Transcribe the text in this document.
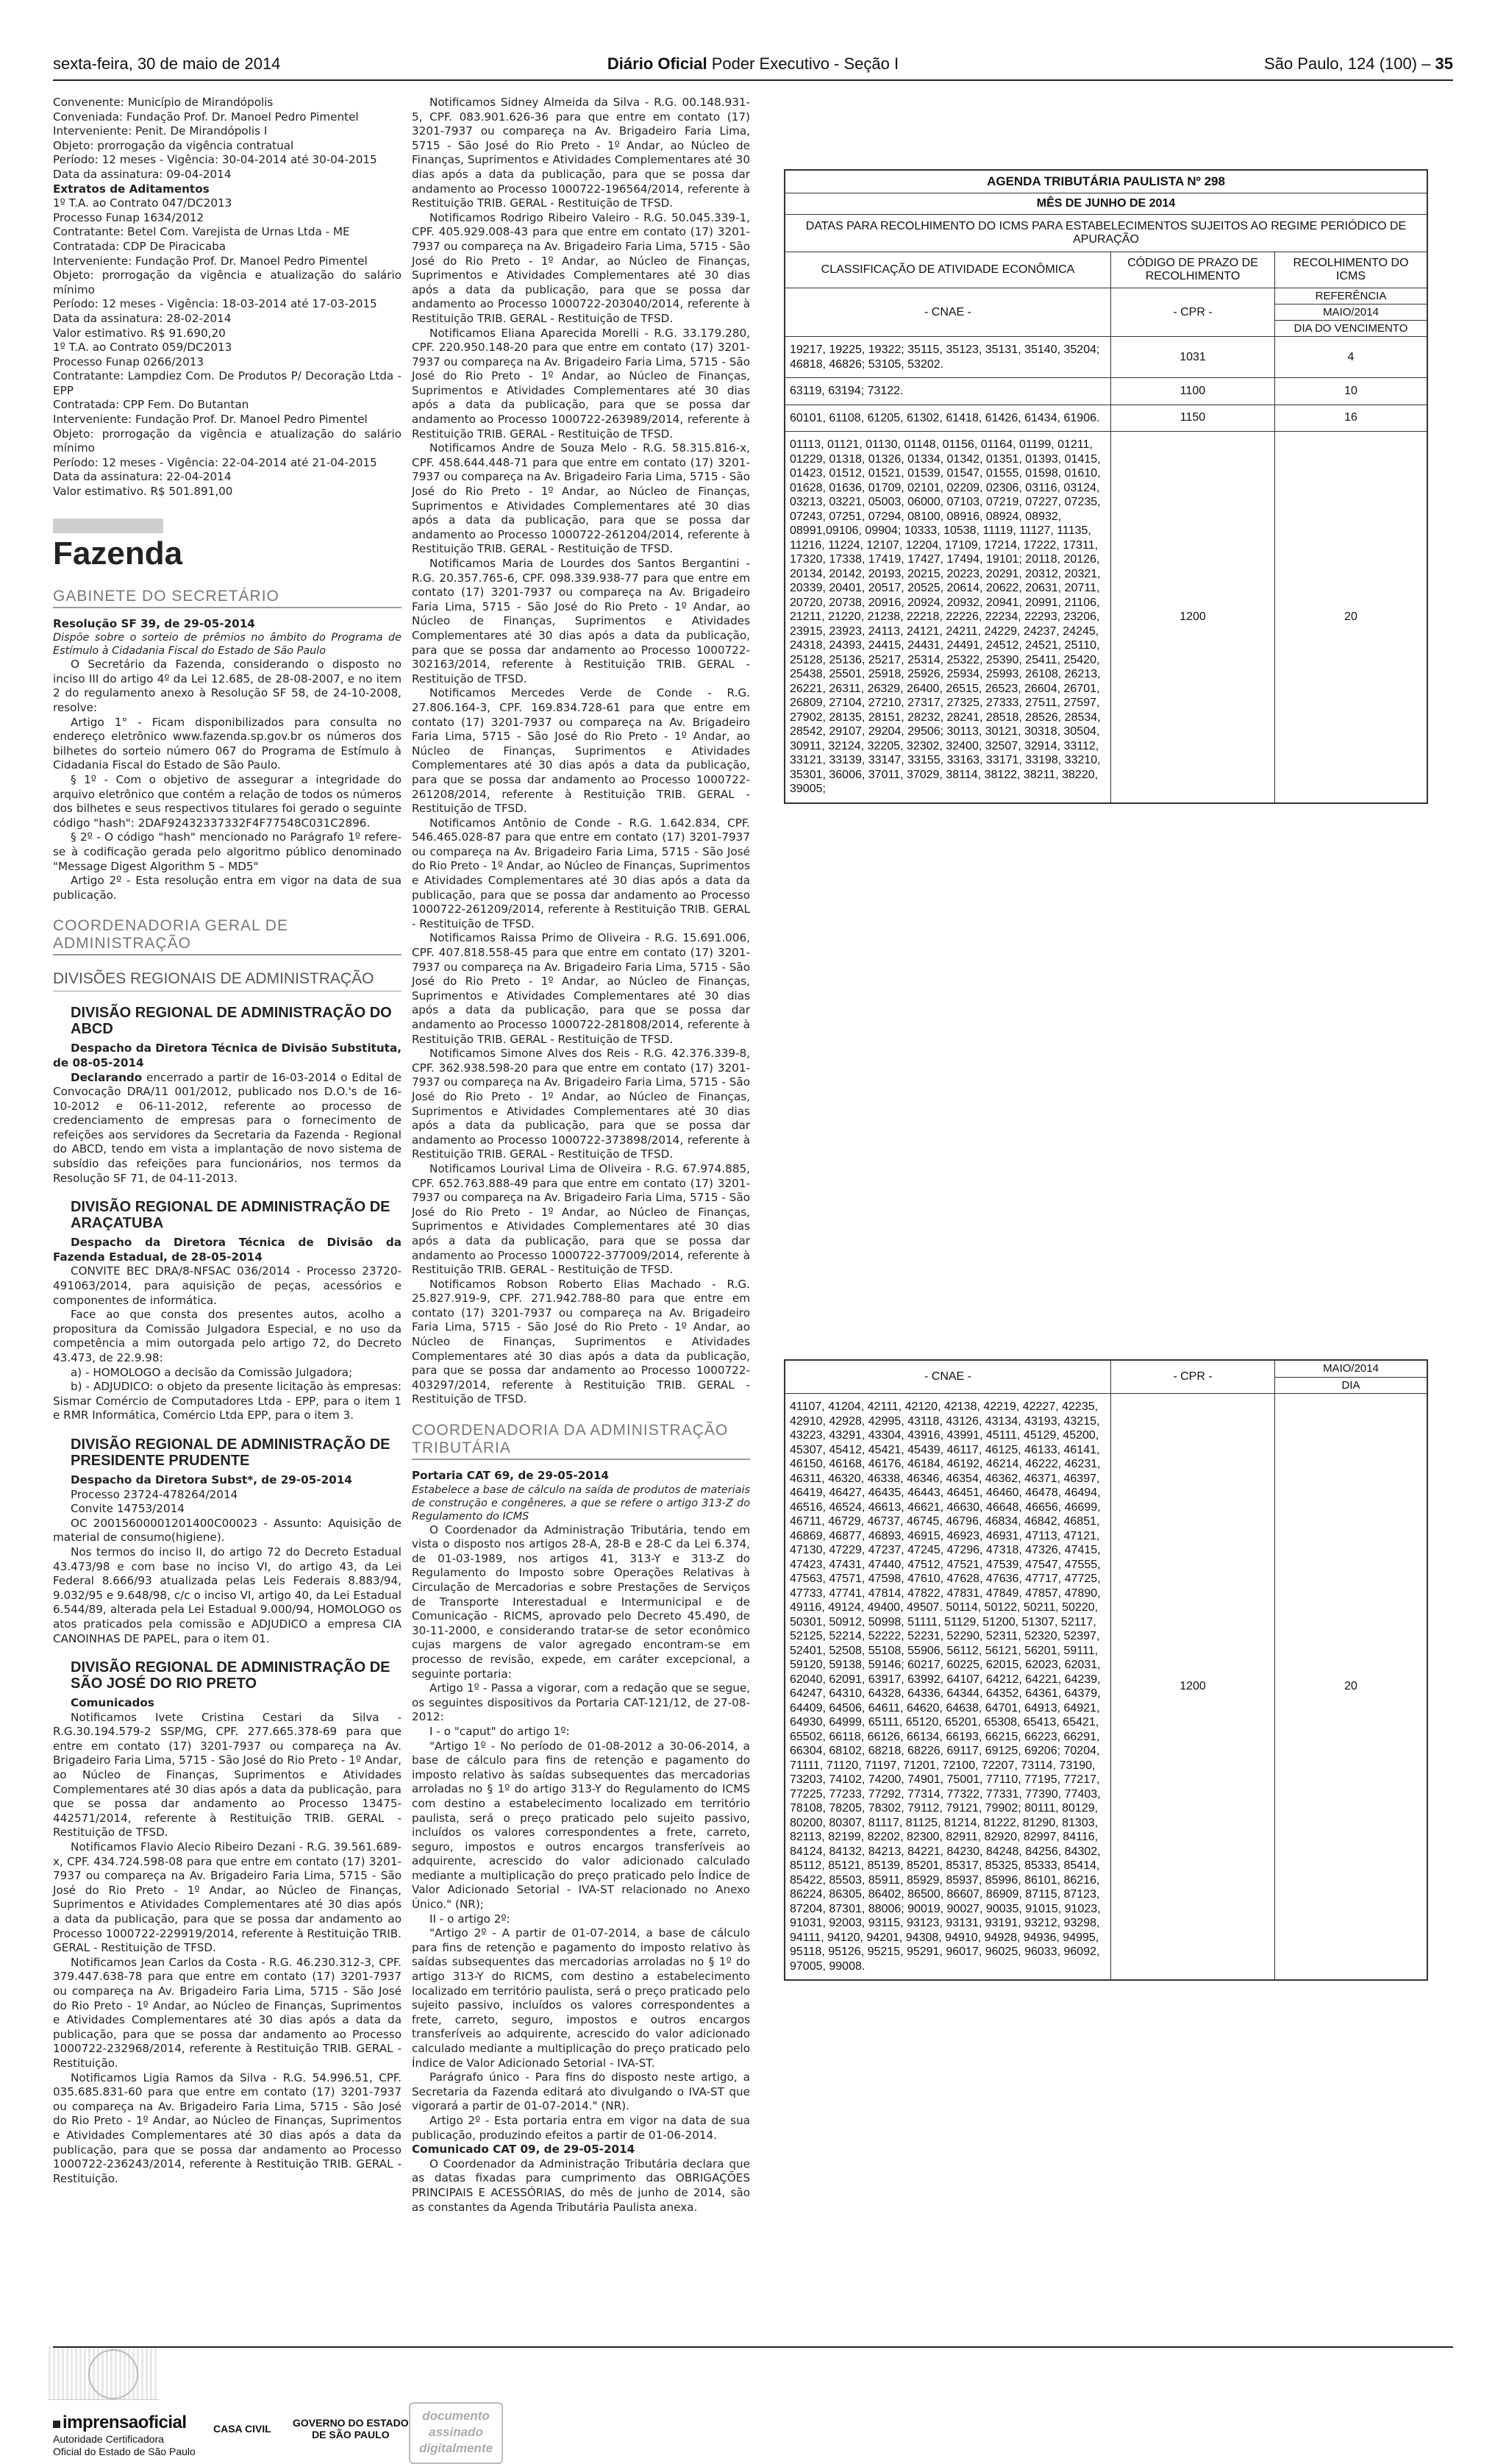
sexta-feira, 30 de maio de 2014	Diário Oficial Poder Executivo - Seção I	São Paulo, 124 (100) – 35

Convenente: Município de Mirandópolis

Conveniada: Fundação Prof. Dr. Manoel Pedro Pimentel

Interveniente: Penit. De Mirandópolis I

Objeto: prorrogação da vigência contratual

Período: 12 meses - Vigência: 30-04-2014 até 30-04-2015

Data da assinatura: 09-04-2014

Extratos de Aditamentos

1º T.A. ao Contrato 047/DC2013

Processo Funap 1634/2012

Contratante: Betel Com. Varejista de Urnas Ltda - ME

Contratada: CDP De Piracicaba

Interveniente: Fundação Prof. Dr. Manoel Pedro Pimentel

Objeto: prorrogação da vigência e atualização do salário mínimo

Período: 12 meses - Vigência: 18-03-2014 até 17-03-2015

Data da assinatura: 28-02-2014

Valor estimativo. R$ 91.690,20

1º T.A. ao Contrato 059/DC2013

Processo Funap 0266/2013

Contratante: Lampdiez Com. De Produtos P/ Decoração Ltda - EPP

Contratada: CPP Fem. Do Butantan

Interveniente: Fundação Prof. Dr. Manoel Pedro Pimentel

Objeto: prorrogação da vigência e atualização do salário mínimo

Período: 12 meses - Vigência: 22-04-2014 até 21-04-2015

Data da assinatura: 22-04-2014

Valor estimativo. R$ 501.891,00

Fazenda
GABINETE DO SECRETÁRIO

Resolução SF 39, de 29-05-2014

Dispõe sobre o sorteio de prêmios no âmbito do Programa de Estímulo à Cidadania Fiscal do Estado de São Paulo

O Secretário da Fazenda, considerando o disposto no inciso III do artigo 4º da Lei 12.685, de 28-08-2007, e no item 2 do regulamento anexo à Resolução SF 58, de 24-10-2008, resolve:

Artigo 1° - Ficam disponibilizados para consulta no endereço eletrônico www.fazenda.sp.gov.br os números dos bilhetes do sorteio número 067 do Programa de Estímulo à Cidadania Fiscal do Estado de São Paulo.

§ 1º - Com o objetivo de assegurar a integridade do arquivo eletrônico que contém a relação de todos os números dos bilhetes e seus respectivos titulares foi gerado o seguinte código "hash": 2DAF92432337332F4F77548C031C2896.

§ 2º - O código "hash" mencionado no Parágrafo 1º refere-se à codificação gerada pelo algoritmo público denominado "Message Digest Algorithm 5 – MD5"

Artigo 2º - Esta resolução entra em vigor na data de sua publicação.

COORDENADORIA GERAL DE ADMINISTRAÇÃO
DIVISÕES REGIONAIS DE ADMINISTRAÇÃO
DIVISÃO REGIONAL DE ADMINISTRAÇÃO DO ABCD

Despacho da Diretora Técnica de Divisão Substituta, de 08-05-2014

Declarando encerrado a partir de 16-03-2014 o Edital de Convocação DRA/11 001/2012, publicado nos D.O.'s de 16-10-2012 e 06-11-2012, referente ao processo de credenciamento de empresas para o fornecimento de refeições aos servidores da Secretaria da Fazenda - Regional do ABCD, tendo em vista a implantação de novo sistema de subsídio das refeições para funcionários, nos termos da Resolução SF 71, de 04-11-2013.

DIVISÃO REGIONAL DE ADMINISTRAÇÃO DE ARAÇATUBA

Despacho da Diretora Técnica de Divisão da Fazenda Estadual, de 28-05-2014

CONVITE BEC DRA/8-NFSAC 036/2014 - Processo 23720-491063/2014, para aquisição de peças, acessórios e componentes de informática.

Face ao que consta dos presentes autos, acolho a propositura da Comissão Julgadora Especial, e no uso da competência a mim outorgada pelo artigo 72, do Decreto 43.473, de 22.9.98:

a) - HOMOLOGO a decisão da Comissão Julgadora;

b) - ADJUDICO: o objeto da presente licitação às empresas: Sismar Comércio de Computadores Ltda - EPP, para o item 1 e RMR Informática, Comércio Ltda EPP, para o item 3.

DIVISÃO REGIONAL DE ADMINISTRAÇÃO DE PRESIDENTE PRUDENTE

Despacho da Diretora Subst*, de 29-05-2014

Processo 23724-478264/2014

Convite 14753/2014

OC 20015600001201400C00023 - Assunto: Aquisição de material de consumo(higiene).

Nos termos do inciso II, do artigo 72 do Decreto Estadual 43.473/98 e com base no inciso VI, do artigo 43, da Lei Federal 8.666/93 atualizada pelas Leis Federais 8.883/94, 9.032/95 e 9.648/98, c/c o inciso VI, artigo 40, da Lei Estadual 6.544/89, alterada pela Lei Estadual 9.000/94, HOMOLOGO os atos praticados pela comissão e ADJUDICO a empresa CIA CANOINHAS DE PAPEL, para o item 01.

DIVISÃO REGIONAL DE ADMINISTRAÇÃO DE SÃO JOSÉ DO RIO PRETO

Comunicados

Notificamos Ivete Cristina Cestari da Silva - R.G.30.194.579-2 SSP/MG, CPF. 277.665.378-69 para que entre em contato (17) 3201-7937 ou compareça na Av. Brigadeiro Faria Lima, 5715 - São José do Rio Preto - 1º Andar, ao Núcleo de Finanças, Suprimentos e Atividades Complementares até 30 dias após a data da publicação, para que se possa dar andamento ao Processo 13475-442571/2014, referente à Restituição TRIB. GERAL - Restituição de TFSD.

Notificamos Flavio Alecio Ribeiro Dezani - R.G. 39.561.689-x, CPF. 434.724.598-08 para que entre em contato (17) 3201-7937 ou compareça na Av. Brigadeiro Faria Lima, 5715 - São José do Rio Preto - 1º Andar, ao Núcleo de Finanças, Suprimentos e Atividades Complementares até 30 dias após a data da publicação, para que se possa dar andamento ao Processo 1000722-229919/2014, referente à Restituição TRIB. GERAL - Restituição de TFSD.

Notificamos Jean Carlos da Costa - R.G. 46.230.312-3, CPF. 379.447.638-78 para que entre em contato (17) 3201-7937 ou compareça na Av. Brigadeiro Faria Lima, 5715 - São José do Rio Preto - 1º Andar, ao Núcleo de Finanças, Suprimentos e Atividades Complementares até 30 dias após a data da publicação, para que se possa dar andamento ao Processo 1000722-232968/2014, referente à Restituição TRIB. GERAL - Restituição.

Notificamos Ligia Ramos da Silva - R.G. 54.996.51, CPF. 035.685.831-60 para que entre em contato (17) 3201-7937 ou compareça na Av. Brigadeiro Faria Lima, 5715 - São José do Rio Preto - 1º Andar, ao Núcleo de Finanças, Suprimentos e Atividades Complementares até 30 dias após a data da publicação, para que se possa dar andamento ao Processo 1000722-236243/2014, referente à Restituição TRIB. GERAL - Restituição.

Notificamos Sidney Almeida da Silva - R.G. 00.148.931-5, CPF. 083.901.626-36 para que entre em contato (17) 3201-7937 ou compareça na Av. Brigadeiro Faria Lima, 5715 - São José do Rio Preto - 1º Andar, ao Núcleo de Finanças, Suprimentos e Atividades Complementares até 30 dias após a data da publicação, para que se possa dar andamento ao Processo 1000722-196564/2014, referente à Restituição TRIB. GERAL - Restituição de TFSD.

Notificamos Rodrigo Ribeiro Valeiro - R.G. 50.045.339-1, CPF. 405.929.008-43 para que entre em contato (17) 3201-7937 ou compareça na Av. Brigadeiro Faria Lima, 5715 - São José do Rio Preto - 1º Andar, ao Núcleo de Finanças, Suprimentos e Atividades Complementares até 30 dias após a data da publicação, para que se possa dar andamento ao Processo 1000722-203040/2014, referente à Restituição TRIB. GERAL - Restituição de TFSD.

Notificamos Eliana Aparecida Morelli - R.G. 33.179.280, CPF. 220.950.148-20 para que entre em contato (17) 3201-7937 ou compareça na Av. Brigadeiro Faria Lima, 5715 - São José do Rio Preto - 1º Andar, ao Núcleo de Finanças, Suprimentos e Atividades Complementares até 30 dias após a data da publicação, para que se possa dar andamento ao Processo 1000722-263989/2014, referente à Restituição TRIB. GERAL - Restituição de TFSD.

Notificamos Andre de Souza Melo - R.G. 58.315.816-x, CPF. 458.644.448-71 para que entre em contato (17) 3201-7937 ou compareça na Av. Brigadeiro Faria Lima, 5715 - São José do Rio Preto - 1º Andar, ao Núcleo de Finanças, Suprimentos e Atividades Complementares até 30 dias após a data da publicação, para que se possa dar andamento ao Processo 1000722-261204/2014, referente à Restituição TRIB. GERAL - Restituição de TFSD.

Notificamos Maria de Lourdes dos Santos Bergantini - R.G. 20.357.765-6, CPF. 098.339.938-77 para que entre em contato (17) 3201-7937 ou compareça na Av. Brigadeiro Faria Lima, 5715 - São José do Rio Preto - 1º Andar, ao Núcleo de Finanças, Suprimentos e Atividades Complementares até 30 dias após a data da publicação, para que se possa dar andamento ao Processo 1000722-302163/2014, referente à Restituição TRIB. GERAL - Restituição de TFSD.

Notificamos Mercedes Verde de Conde - R.G. 27.806.164-3, CPF. 169.834.728-61 para que entre em contato (17) 3201-7937 ou compareça na Av. Brigadeiro Faria Lima, 5715 - São José do Rio Preto - 1º Andar, ao Núcleo de Finanças, Suprimentos e Atividades Complementares até 30 dias após a data da publicação, para que se possa dar andamento ao Processo 1000722-261208/2014, referente à Restituição TRIB. GERAL - Restituição de TFSD.

Notificamos Antônio de Conde - R.G. 1.642.834, CPF. 546.465.028-87 para que entre em contato (17) 3201-7937 ou compareça na Av. Brigadeiro Faria Lima, 5715 - São José do Rio Preto - 1º Andar, ao Núcleo de Finanças, Suprimentos e Atividades Complementares até 30 dias após a data da publicação, para que se possa dar andamento ao Processo 1000722-261209/2014, referente à Restituição TRIB. GERAL - Restituição de TFSD.

Notificamos Raissa Primo de Oliveira - R.G. 15.691.006, CPF. 407.818.558-45 para que entre em contato (17) 3201-7937 ou compareça na Av. Brigadeiro Faria Lima, 5715 - São José do Rio Preto - 1º Andar, ao Núcleo de Finanças, Suprimentos e Atividades Complementares até 30 dias após a data da publicação, para que se possa dar andamento ao Processo 1000722-281808/2014, referente à Restituição TRIB. GERAL - Restituição de TFSD.

Notificamos Simone Alves dos Reis - R.G. 42.376.339-8, CPF. 362.938.598-20 para que entre em contato (17) 3201-7937 ou compareça na Av. Brigadeiro Faria Lima, 5715 - São José do Rio Preto - 1º Andar, ao Núcleo de Finanças, Suprimentos e Atividades Complementares até 30 dias após a data da publicação, para que se possa dar andamento ao Processo 1000722-373898/2014, referente à Restituição TRIB. GERAL - Restituição de TFSD.

Notificamos Lourival Lima de Oliveira - R.G. 67.974.885, CPF. 652.763.888-49 para que entre em contato (17) 3201-7937 ou compareça na Av. Brigadeiro Faria Lima, 5715 - São José do Rio Preto - 1º Andar, ao Núcleo de Finanças, Suprimentos e Atividades Complementares até 30 dias após a data da publicação, para que se possa dar andamento ao Processo 1000722-377009/2014, referente à Restituição TRIB. GERAL - Restituição de TFSD.

Notificamos Robson Roberto Elias Machado - R.G. 25.827.919-9, CPF. 271.942.788-80 para que entre em contato (17) 3201-7937 ou compareça na Av. Brigadeiro Faria Lima, 5715 - São José do Rio Preto - 1º Andar, ao Núcleo de Finanças, Suprimentos e Atividades Complementares até 30 dias após a data da publicação, para que se possa dar andamento ao Processo 1000722-403297/2014, referente à Restituição TRIB. GERAL - Restituição de TFSD.

COORDENADORIA DA ADMINISTRAÇÃO TRIBUTÁRIA

Portaria CAT 69, de 29-05-2014

Estabelece a base de cálculo na saída de produtos de materiais de construção e congêneres, a que se refere o artigo 313-Z do Regulamento do ICMS

O Coordenador da Administração Tributária, tendo em vista o disposto nos artigos 28-A, 28-B e 28-C da Lei 6.374, de 01-03-1989, nos artigos 41, 313-Y e 313-Z do Regulamento do Imposto sobre Operações Relativas à Circulação de Mercadorias e sobre Prestações de Serviços de Transporte Interestadual e Intermunicipal e de Comunicação - RICMS, aprovado pelo Decreto 45.490, de 30-11-2000, e considerando tratar-se de setor econômico cujas margens de valor agregado encontram-se em processo de revisão, expede, em caráter excepcional, a seguinte portaria:

Artigo 1º - Passa a vigorar, com a redação que se segue, os seguintes dispositivos da Portaria CAT-121/12, de 27-08-2012:

I - o "caput" do artigo 1º:

"Artigo 1º - No período de 01-08-2012 a 30-06-2014, a base de cálculo para fins de retenção e pagamento do imposto relativo às saídas subsequentes das mercadorias arroladas no § 1º do artigo 313-Y do Regulamento do ICMS com destino a estabelecimento localizado em território paulista, será o preço praticado pelo sujeito passivo, incluídos os valores correspondentes a frete, carreto, seguro, impostos e outros encargos transferíveis ao adquirente, acrescido do valor adicionado calculado mediante a multiplicação do preço praticado pelo Índice de Valor Adicionado Setorial - IVA-ST relacionado no Anexo Único." (NR);

II - o artigo 2º:

"Artigo 2º - A partir de 01-07-2014, a base de cálculo para fins de retenção e pagamento do imposto relativo às saídas subsequentes das mercadorias arroladas no § 1º do artigo 313-Y do RICMS, com destino a estabelecimento localizado em território paulista, será o preço praticado pelo sujeito passivo, incluídos os valores correspondentes a frete, carreto, seguro, impostos e outros encargos transferíveis ao adquirente, acrescido do valor adicionado calculado mediante a multiplicação do preço praticado pelo Índice de Valor Adicionado Setorial - IVA-ST.

Parágrafo único - Para fins do disposto neste artigo, a Secretaria da Fazenda editará ato divulgando o IVA-ST que vigorará a partir de 01-07-2014." (NR).

Artigo 2º - Esta portaria entra em vigor na data de sua publicação, produzindo efeitos a partir de 01-06-2014.

Comunicado CAT 09, de 29-05-2014

O Coordenador da Administração Tributária declara que as datas fixadas para cumprimento das OBRIGAÇÕES PRINCIPAIS E ACESSÓRIAS, do mês de junho de 2014, são as constantes da Agenda Tributária Paulista anexa.

AGENDA TRIBUTÁRIA PAULISTA Nº 298		
MÊS DE JUNHO DE 2014		
DATAS PARA RECOLHIMENTO DO ICMS PARA ESTABELECIMENTOS SUJEITOS AO REGIME PERIÓDICO DE APURAÇÃO		
CLASSIFICAÇÃO DE ATIVIDADE ECONÔMICA	CÓDIGO DE PRAZO DE RECOLHIMENTO	RECOLHIMENTO DO ICMS
- CNAE -	- CPR -	REFERÊNCIA
		MAIO/2014
		DIA DO VENCIMENTO
19217, 19225, 19322; 35115, 35123, 35131, 35140, 35204; 46818, 46826; 53105, 53202.	1031	4
63119, 63194; 73122.	1100	10
60101, 61108, 61205, 61302, 61418, 61426, 61434, 61906.	1150	16
01113, 01121, 01130, 01148, 01156, 01164, 01199, 01211, 01229, 01318, 01326, 01334, 01342, 01351, 01393, 01415, 01423, 01512, 01521, 01539, 01547, 01555, 01598, 01610, 01628, 01636, 01709, 02101, 02209, 02306, 03116, 03124, 03213, 03221, 05003, 06000, 07103, 07219, 07227, 07235, 07243, 07251, 07294, 08100, 08916, 08924, 08932, 08991,09106, 09904; 10333, 10538, 11119, 11127, 11135, 11216, 11224, 12107, 12204, 17109, 17214, 17222, 17311, 17320, 17338, 17419, 17427, 17494, 19101; 20118, 20126, 20134, 20142, 20193, 20215, 20223, 20291, 20312, 20321, 20339, 20401, 20517, 20525, 20614, 20622, 20631, 20711, 20720, 20738, 20916, 20924, 20932, 20941, 20991, 21106, 21211, 21220, 21238, 22218, 22226, 22234, 22293, 23206, 23915, 23923, 24113, 24121, 24211, 24229, 24237, 24245, 24318, 24393, 24415, 24431, 24491, 24512, 24521, 25110, 25128, 25136, 25217, 25314, 25322, 25390, 25411, 25420, 25438, 25501, 25918, 25926, 25934, 25993, 26108, 26213, 26221, 26311, 26329, 26400, 26515, 26523, 26604, 26701, 26809, 27104, 27210, 27317, 27325, 27333, 27511, 27597, 27902, 28135, 28151, 28232, 28241, 28518, 28526, 28534, 28542, 29107, 29204, 29506; 30113, 30121, 30318, 30504, 30911, 32124, 32205, 32302, 32400, 32507, 32914, 33112, 33121, 33139, 33147, 33155, 33163, 33171, 33198, 33210, 35301, 36006, 37011, 37029, 38114, 38122, 38211, 38220, 39005;	1200	20
- CNAE -	- CPR -	MAIO/2014
		DIA
41107, 41204, 42111, 42120, 42138, 42219, 42227, 42235, 42910, 42928, 42995, 43118, 43126, 43134, 43193, 43215, 43223, 43291, 43304, 43916, 43991, 45111, 45129, 45200, 45307, 45412, 45421, 45439, 46117, 46125, 46133, 46141, 46150, 46168, 46176, 46184, 46192, 46214, 46222, 46231, 46311, 46320, 46338, 46346, 46354, 46362, 46371, 46397, 46419, 46427, 46435, 46443, 46451, 46460, 46478, 46494, 46516, 46524, 46613, 46621, 46630, 46648, 46656, 46699, 46711, 46729, 46737, 46745, 46796, 46834, 46842, 46851, 46869, 46877, 46893, 46915, 46923, 46931, 47113, 47121, 47130, 47229, 47237, 47245, 47296, 47318, 47326, 47415, 47423, 47431, 47440, 47512, 47521, 47539, 47547, 47555, 47563, 47571, 47598, 47610, 47628, 47636, 47717, 47725, 47733, 47741, 47814, 47822, 47831, 47849, 47857, 47890, 49116, 49124, 49400, 49507. 50114, 50122, 50211, 50220, 50301, 50912, 50998, 51111, 51129, 51200, 51307, 52117, 52125, 52214, 52222, 52231, 52290, 52311, 52320, 52397, 52401, 52508, 55108, 55906, 56112, 56121, 56201, 59111, 59120, 59138, 59146; 60217, 60225, 62015, 62023, 62031, 62040, 62091, 63917, 63992, 64107, 64212, 64221, 64239, 64247, 64310, 64328, 64336, 64344, 64352, 64361, 64379, 64409, 64506, 64611, 64620, 64638, 64701, 64913, 64921, 64930, 64999, 65111, 65120, 65201, 65308, 65413, 65421, 65502, 66118, 66126, 66134, 66193, 66215, 66223, 66291, 66304, 68102, 68218, 68226, 69117, 69125, 69206; 70204, 71111, 71120, 71197, 71201, 72100, 72207, 73114, 73190, 73203, 74102, 74200, 74901, 75001, 77110, 77195, 77217, 77225, 77233, 77292, 77314, 77322, 77331, 77390, 77403, 78108, 78205, 78302, 79112, 79121, 79902; 80111, 80129, 80200, 80307, 81117, 81125, 81214, 81222, 81290, 81303, 82113, 82199, 82202, 82300, 82911, 82920, 82997, 84116, 84124, 84132, 84213, 84221, 84230, 84248, 84256, 84302, 85112, 85121, 85139, 85201, 85317, 85325, 85333, 85414, 85422, 85503, 85911, 85929, 85937, 85996, 86101, 86216, 86224, 86305, 86402, 86500, 86607, 86909, 87115, 87123, 87204, 87301, 88006; 90019, 90027, 90035, 91015, 91023, 91031, 92003, 93115, 93123, 93131, 93191, 93212, 93298, 94111, 94120, 94201, 94308, 94910, 94928, 94936, 94995, 95118, 95126, 95215, 95291, 96017, 96025, 96033, 96092, 97005, 99008.	1200	20
imprensaoficial
Autoridade Certificadora
Oficial do Estado de São Paulo
CASA CIVIL GOVERNO DO ESTADO
DE SÃO PAULO
documento
assinado
digitalmente
